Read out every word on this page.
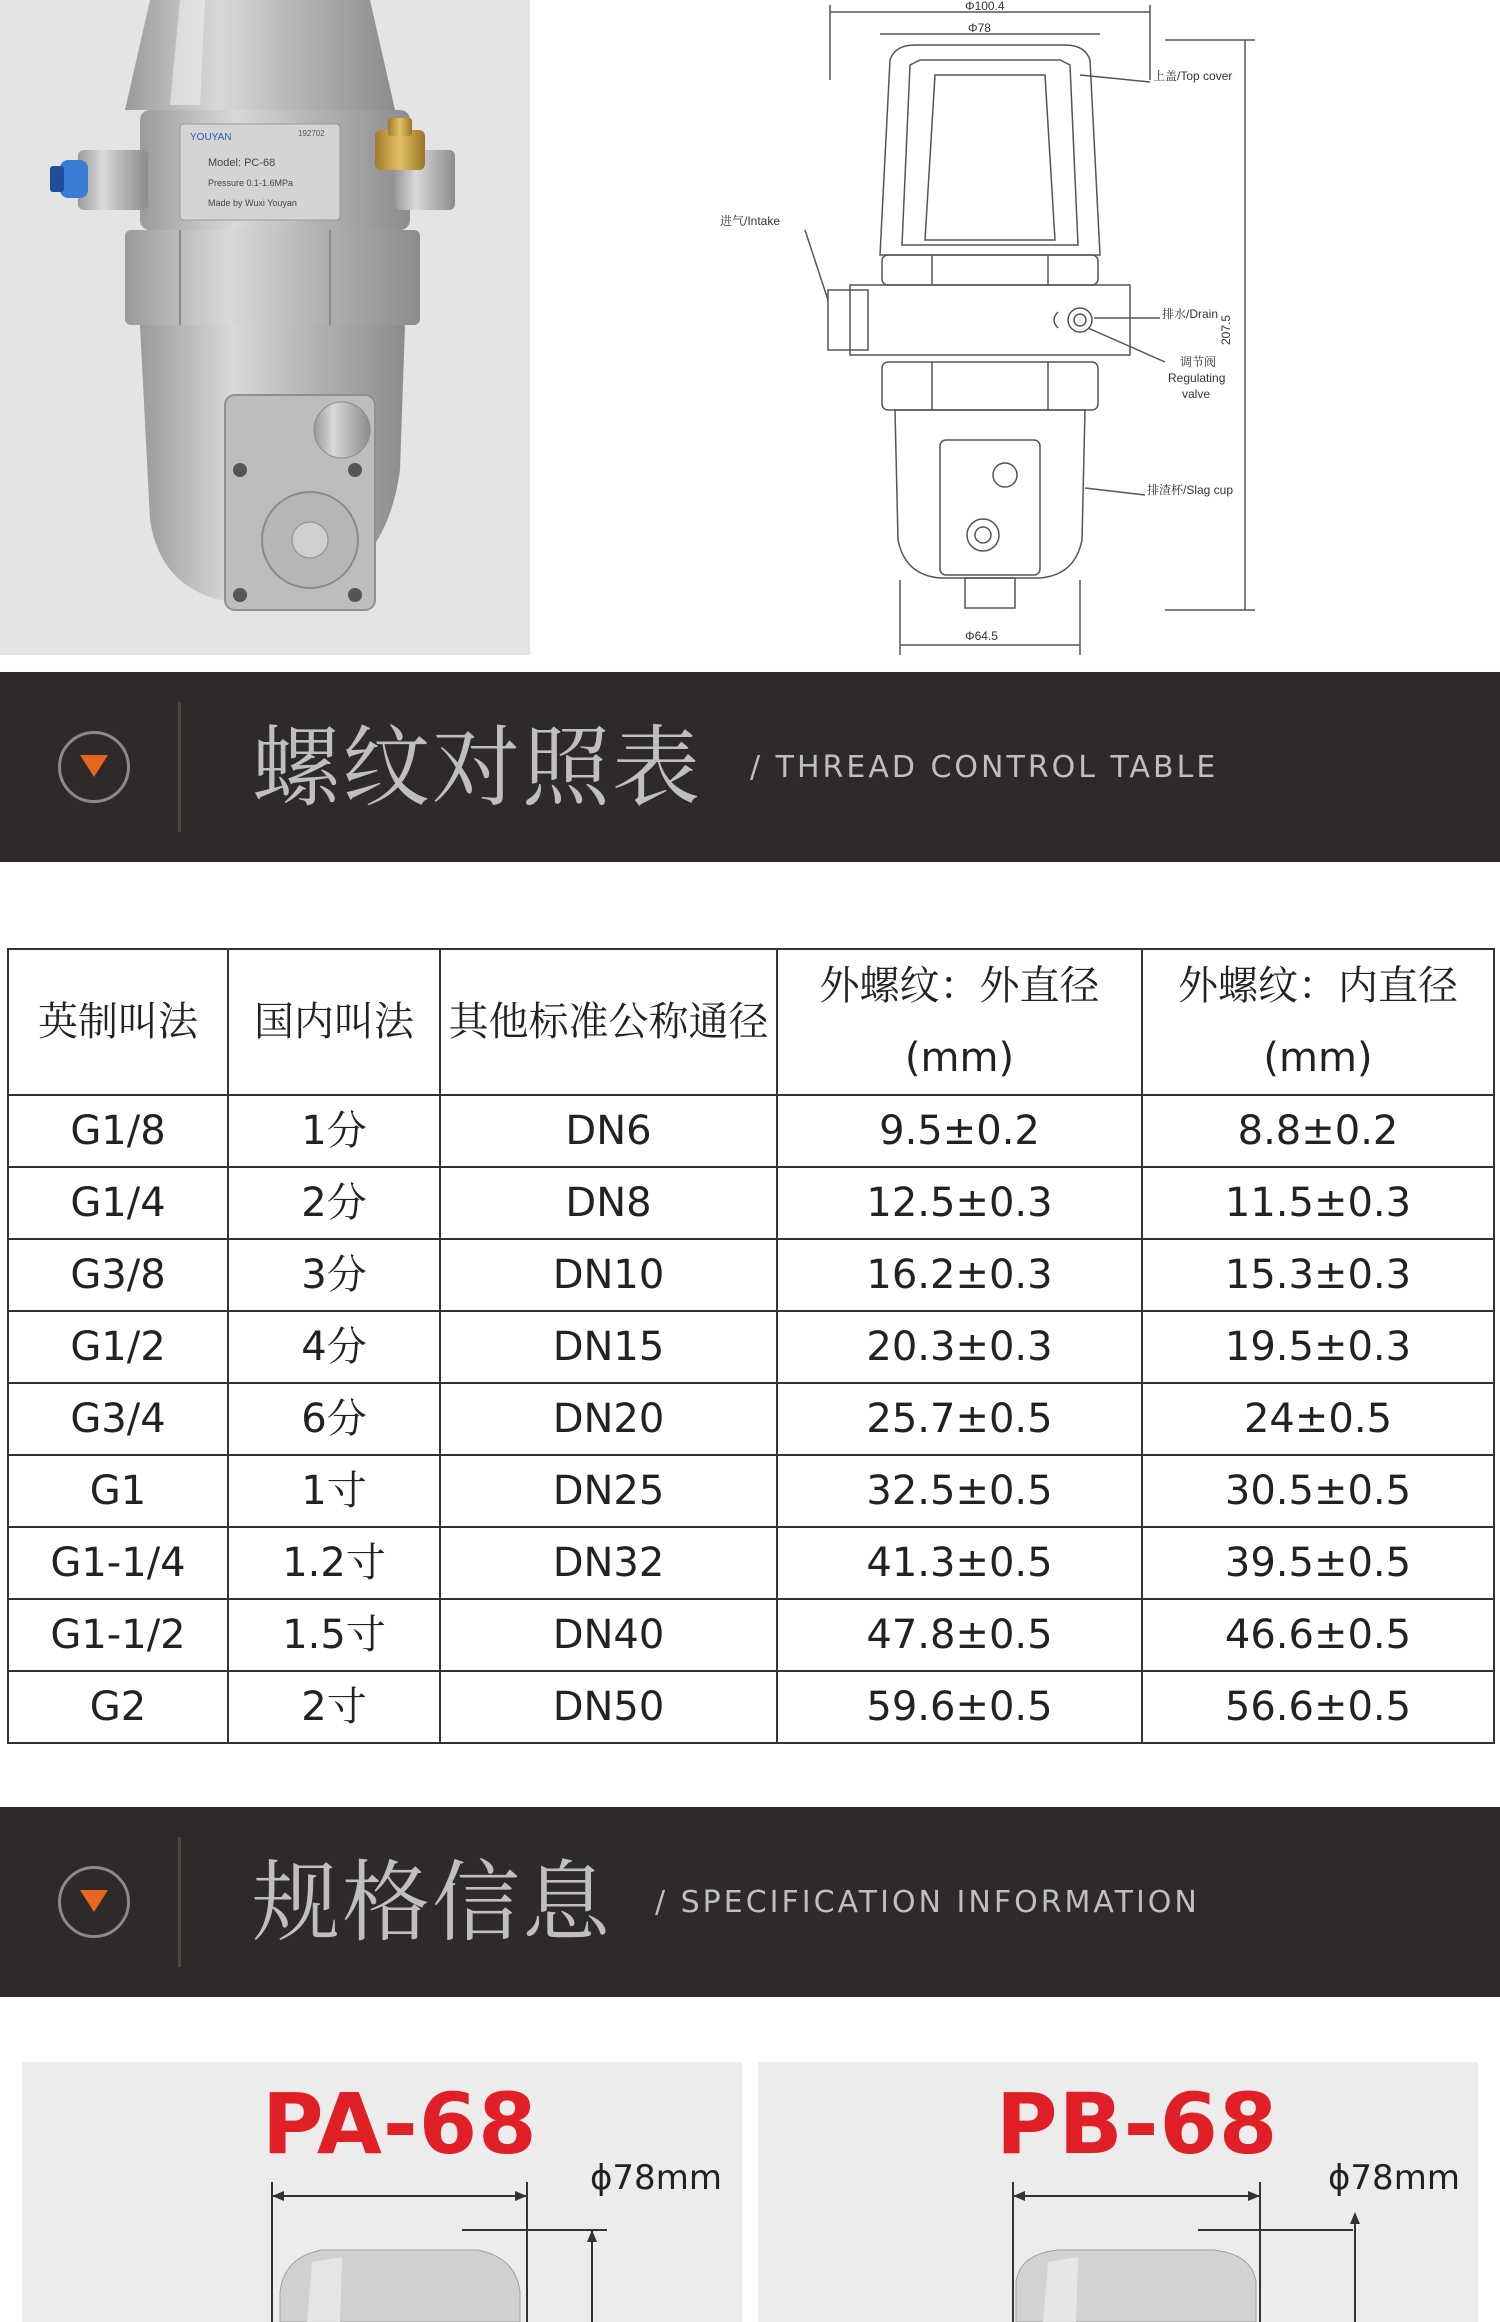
YOUYAN	192702
Model: PC-68
Pressure 0.1-1.6MPa
Made by Wuxi Youyan
Φ100.4
Φ78
207.5
Φ64.5
上盖/Top cover
进气/Intake
排水/Drain
调节阀
Regulating
valve
排渣杯/Slag cup
螺纹对照表 / THREAD CONTROL TABLE
英制叫法	国内叫法	其他标准公称通径	外螺纹：外直径(mm)	外螺纹：内直径(mm)
G1/8	1分	DN6	9.5±0.2	8.8±0.2
G1/4	2分	DN8	12.5±0.3	11.5±0.3
G3/8	3分	DN10	16.2±0.3	15.3±0.3
G1/2	4分	DN15	20.3±0.3	19.5±0.3
G3/4	6分	DN20	25.7±0.5	24±0.5
G1	1寸	DN25	32.5±0.5	30.5±0.5
G1-1/4	1.2寸	DN32	41.3±0.5	39.5±0.5
G1-1/2	1.5寸	DN40	47.8±0.5	46.6±0.5
G2	2寸	DN50	59.6±0.5	56.6±0.5
规格信息 / SPECIFICATION INFORMATION
PA-68
ϕ78mm
PB-68
ϕ78mm
